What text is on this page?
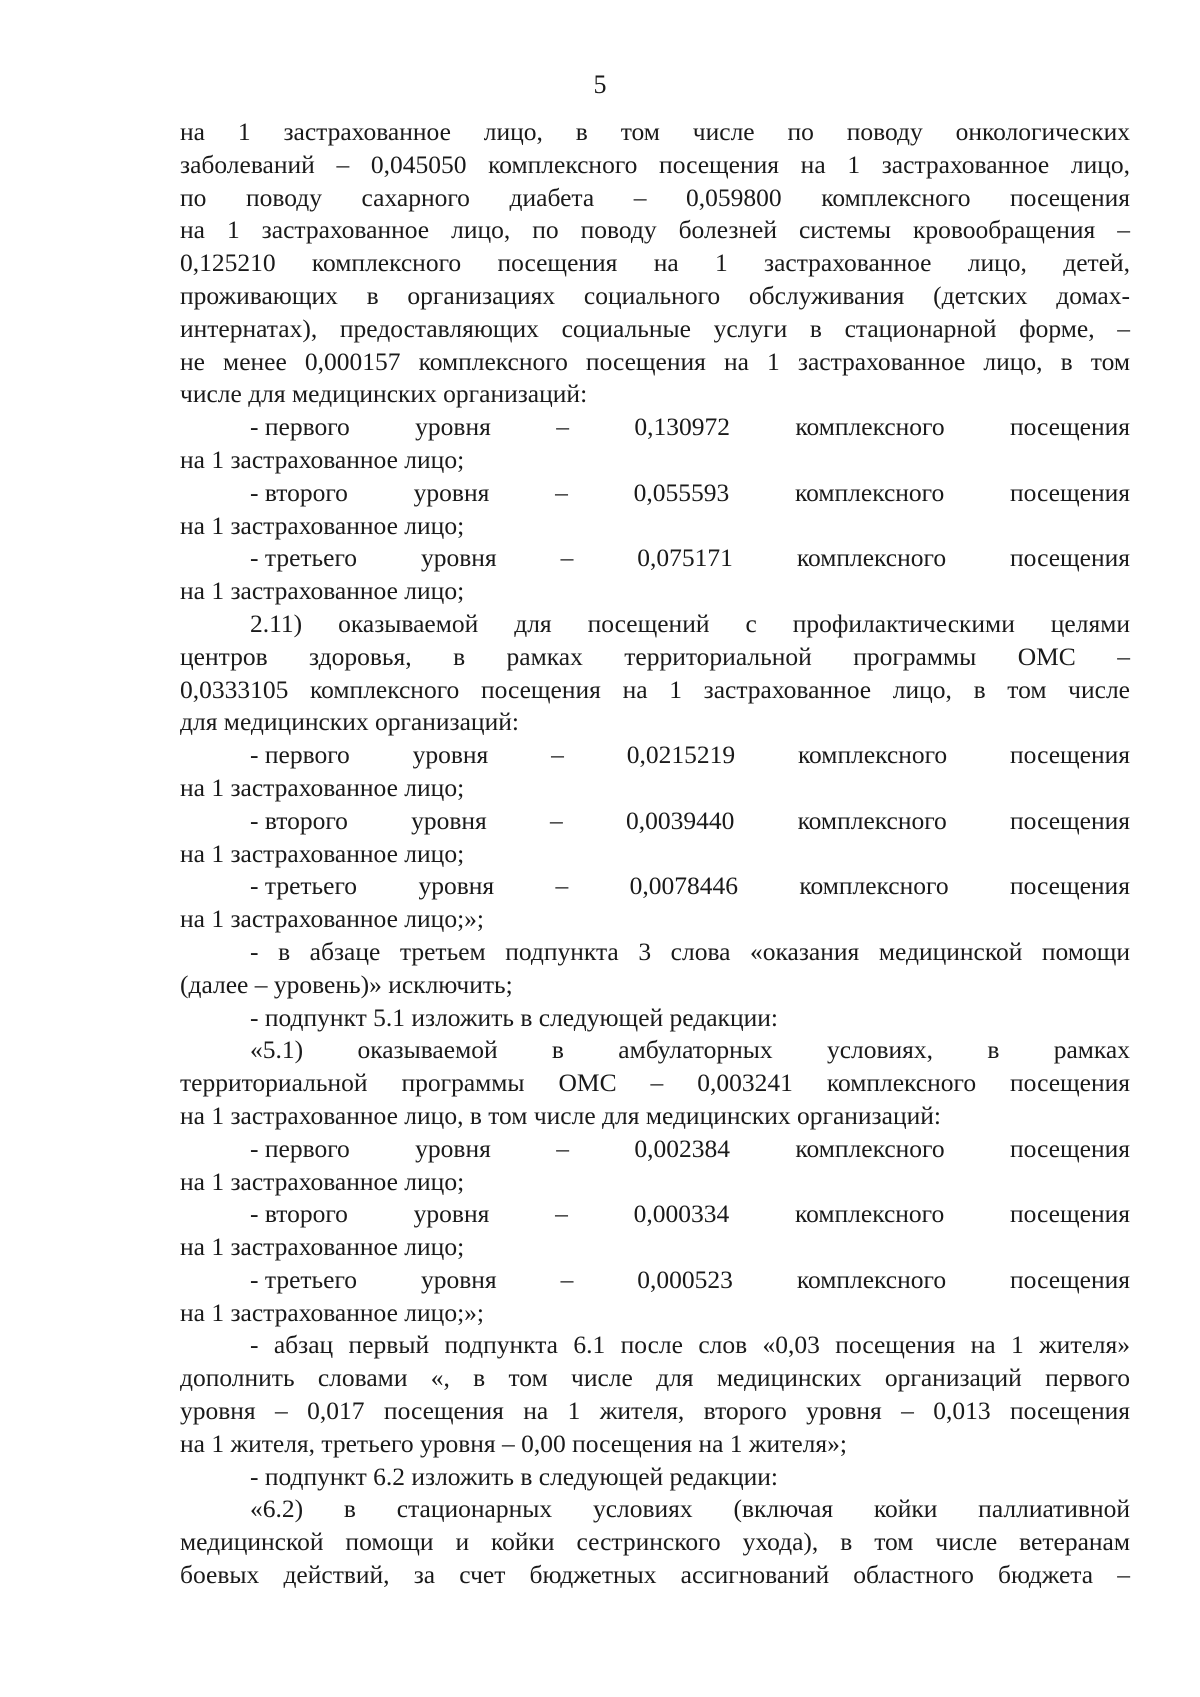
5
на 1 застрахованное лицо, в том числе по поводу онкологических
заболеваний – 0,045050 комплексного посещения на 1 застрахованное лицо,
по поводу сахарного диабета – 0,059800 комплексного посещения
на 1 застрахованное лицо, по поводу болезней системы кровообращения –
0,125210 комплексного посещения на 1 застрахованное лицо, детей,
проживающих в организациях социального обслуживания (детских домах-
интернатах), предоставляющих социальные услуги в стационарной форме, –
не менее 0,000157 комплексного посещения на 1 застрахованное лицо, в том
числе для медицинских организаций:
- первого	уровня	–	0,130972	комплексного	посещения
на 1 застрахованное лицо;
- второго	уровня	–	0,055593	комплексного	посещения
на 1 застрахованное лицо;
- третьего	уровня	–	0,075171	комплексного	посещения
на 1 застрахованное лицо;
2.11) оказываемой для посещений с профилактическими целями
центров здоровья, в рамках территориальной программы ОМС –
0,0333105 комплексного посещения на 1 застрахованное лицо, в том числе
для медицинских организаций:
- первого уровня – 0,0215219 комплексного посещения
на 1 застрахованное лицо;
- второго уровня – 0,0039440 комплексного посещения
на 1 застрахованное лицо;
- третьего уровня – 0,0078446 комплексного посещения
на 1 застрахованное лицо;»;
- в абзаце третьем подпункта 3 слова «оказания медицинской помощи
(далее – уровень)» исключить;
- подпункт 5.1 изложить в следующей редакции:
«5.1) оказываемой в амбулаторных условиях, в рамках
территориальной программы ОМС – 0,003241 комплексного посещения
на 1 застрахованное лицо, в том числе для медицинских организаций:
- первого	уровня	–	0,002384	комплексного	посещения
на 1 застрахованное лицо;
- второго	уровня	–	0,000334	комплексного	посещения
на 1 застрахованное лицо;
- третьего	уровня	–	0,000523	комплексного	посещения
на 1 застрахованное лицо;»;
- абзац первый подпункта 6.1 после слов «0,03 посещения на 1 жителя»
дополнить словами «, в том числе для медицинских организаций первого
уровня – 0,017 посещения на 1 жителя, второго уровня – 0,013 посещения
на 1 жителя, третьего уровня – 0,00 посещения на 1 жителя»;
- подпункт 6.2 изложить в следующей редакции:
«6.2) в стационарных условиях (включая койки паллиативной
медицинской помощи и койки сестринского ухода), в том числе ветеранам
боевых действий, за счет бюджетных ассигнований областного бюджета –
